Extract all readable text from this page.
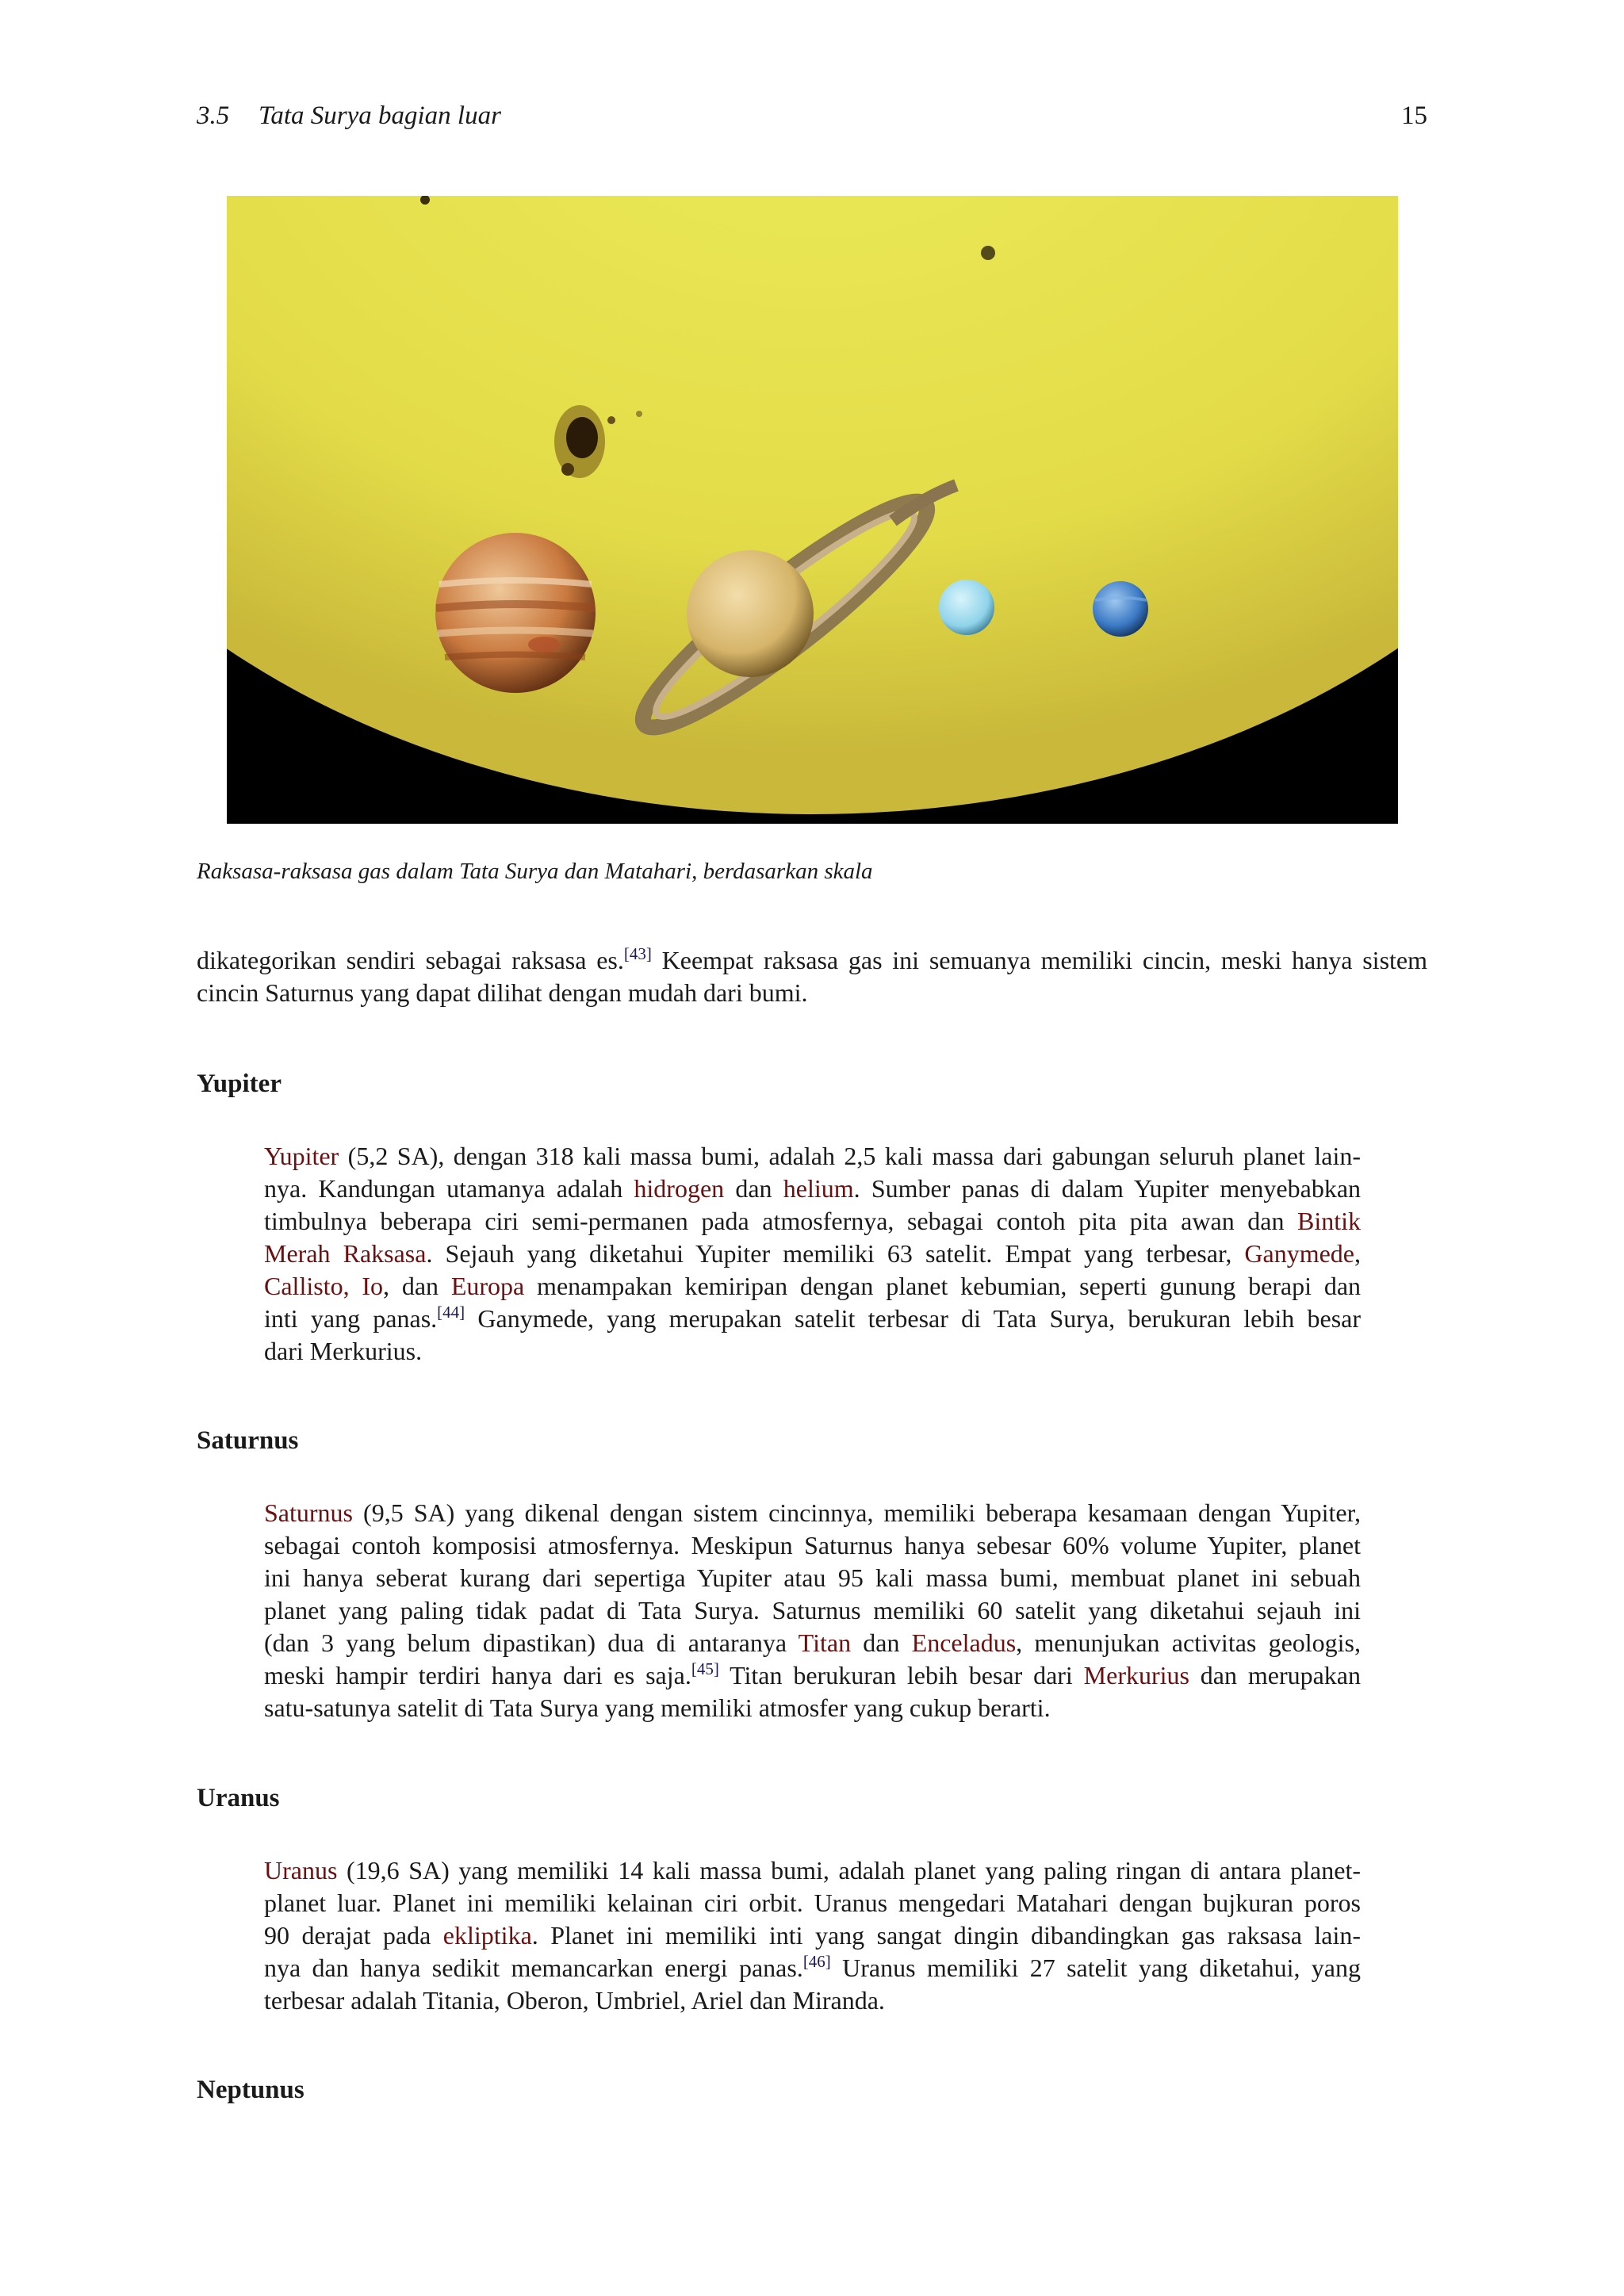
3.5 Tata Surya bagian luar	15
Raksasa-raksasa gas dalam Tata Surya dan Matahari, berdasarkan skala

dikategorikan sendiri sebagai raksasa es.[43] Keempat raksasa gas ini semuanya memiliki cincin, meski hanya sistem
cincin Saturnus yang dapat dilihat dengan mudah dari bumi.

Yupiter

Yupiter (5,2 SA), dengan 318 kali massa bumi, adalah 2,5 kali massa dari gabungan seluruh planet lain-
nya. Kandungan utamanya adalah hidrogen dan helium. Sumber panas di dalam Yupiter menyebabkan
timbulnya beberapa ciri semi-permanen pada atmosfernya, sebagai contoh pita pita awan dan Bintik
Merah Raksasa. Sejauh yang diketahui Yupiter memiliki 63 satelit. Empat yang terbesar, Ganymede,
Callisto, Io, dan Europa menampakan kemiripan dengan planet kebumian, seperti gunung berapi dan
inti yang panas.[44] Ganymede, yang merupakan satelit terbesar di Tata Surya, berukuran lebih besar
dari Merkurius.

Saturnus

Saturnus (9,5 SA) yang dikenal dengan sistem cincinnya, memiliki beberapa kesamaan dengan Yupiter,
sebagai contoh komposisi atmosfernya. Meskipun Saturnus hanya sebesar 60% volume Yupiter, planet
ini hanya seberat kurang dari sepertiga Yupiter atau 95 kali massa bumi, membuat planet ini sebuah
planet yang paling tidak padat di Tata Surya. Saturnus memiliki 60 satelit yang diketahui sejauh ini
(dan 3 yang belum dipastikan) dua di antaranya Titan dan Enceladus, menunjukan activitas geologis,
meski hampir terdiri hanya dari es saja.[45] Titan berukuran lebih besar dari Merkurius dan merupakan
satu-satunya satelit di Tata Surya yang memiliki atmosfer yang cukup berarti.

Uranus

Uranus (19,6 SA) yang memiliki 14 kali massa bumi, adalah planet yang paling ringan di antara planet-
planet luar. Planet ini memiliki kelainan ciri orbit. Uranus mengedari Matahari dengan bujkuran poros
90 derajat pada ekliptika. Planet ini memiliki inti yang sangat dingin dibandingkan gas raksasa lain-
nya dan hanya sedikit memancarkan energi panas.[46] Uranus memiliki 27 satelit yang diketahui, yang
terbesar adalah Titania, Oberon, Umbriel, Ariel dan Miranda.

Neptunus
